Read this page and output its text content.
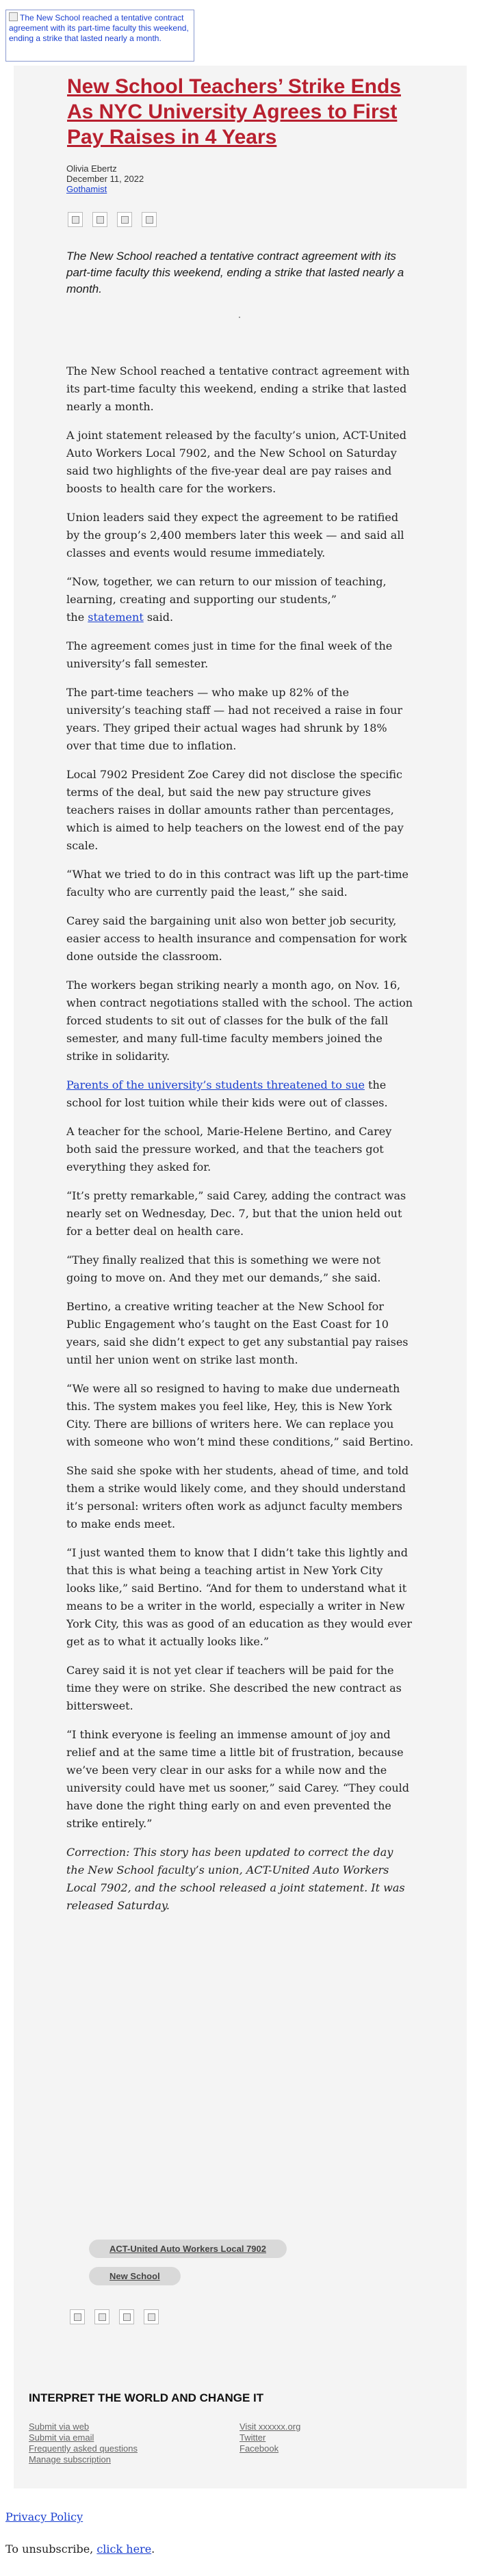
The New School reached a tentative contract agreement with its part-time faculty this weekend, ending a strike that lasted nearly a month.
New School Teachers’ Strike Ends As NYC University Agrees to First Pay Raises in 4 Years
Olivia Ebertz
December 11, 2022
Gothamist

The New School reached a tentative contract agreement with its part-time faculty this weekend, ending a strike that lasted nearly a month.

The New School reached a tentative contract agreement with its part-time faculty this weekend, ending a strike that lasted nearly a month.

A joint statement released by the faculty’s union, ACT-United Auto Workers Local 7902, and the New School on Saturday said two highlights of the five-year deal are pay raises and boosts to health care for the workers.

Union leaders said they expect the agreement to be ratified by the group’s 2,400 members later this week — and said all classes and events would resume immediately.

“Now, together, we can return to our mission of teaching, learning, creating and supporting our students,”
the statement said.

The agreement comes just in time for the final week of the university’s fall semester.

The part-time teachers — who make up 82% of the university’s teaching staff — had not received a raise in four years. They griped their actual wages had shrunk by 18% over that time due to inflation.

Local 7902 President Zoe Carey did not disclose the specific terms of the deal, but said the new pay structure gives teachers raises in dollar amounts rather than percentages, which is aimed to help teachers on the lowest end of the pay scale.

“What we tried to do in this contract was lift up the part-time faculty who are currently paid the least,” she said.

Carey said the bargaining unit also won better job security, easier access to health insurance and compensation for work done outside the classroom.

The workers began striking nearly a month ago, on Nov. 16, when contract negotiations stalled with the school. The action forced students to sit out of classes for the bulk of the fall semester, and many full-time faculty members joined the strike in solidarity.

Parents of the university’s students threatened to sue the school for lost tuition while their kids were out of classes.

A teacher for the school, Marie-Helene Bertino, and Carey both said the pressure worked, and that the teachers got everything they asked for.

“It’s pretty remarkable,” said Carey, adding the contract was nearly set on Wednesday, Dec. 7, but that the union held out for a better deal on health care.

“They finally realized that this is something we were not going to move on. And they met our demands,” she said.

Bertino, a creative writing teacher at the New School for Public Engagement who’s taught on the East Coast for 10 years, said she didn’t expect to get any substantial pay raises until her union went on strike last month.

“We were all so resigned to having to make due underneath this. The system makes you feel like, Hey, this is New York City. There are billions of writers here. We can replace you with someone who won’t mind these conditions,” said Bertino.

She said she spoke with her students, ahead of time, and told them a strike would likely come, and they should understand it’s personal: writers often work as adjunct faculty members to make ends meet.

“I just wanted them to know that I didn’t take this lightly and that this is what being a teaching artist in New York City looks like,” said Bertino. “And for them to understand what it means to be a writer in the world, especially a writer in New York City, this was as good of an education as they would ever get as to what it actually looks like.”

Carey said it is not yet clear if teachers will be paid for the time they were on strike. She described the new contract as bittersweet.

“I think everyone is feeling an immense amount of joy and relief and at the same time a little bit of frustration, because we’ve been very clear in our asks for a while now and the university could have met us sooner,” said Carey. “They could have done the right thing early on and even prevented the strike entirely.”

Correction: This story has been updated to correct the day the New School faculty’s union, ACT-United Auto Workers Local 7902, and the school released a joint statement. It was released Saturday.

ACT-United Auto Workers Local 7902
New School
INTERPRET THE WORLD AND CHANGE IT
Submit via web
Submit via email
Frequently asked questions
Manage subscription
Visit xxxxxx.org
Twitter
Facebook
Privacy Policy
To unsubscribe, click here.
